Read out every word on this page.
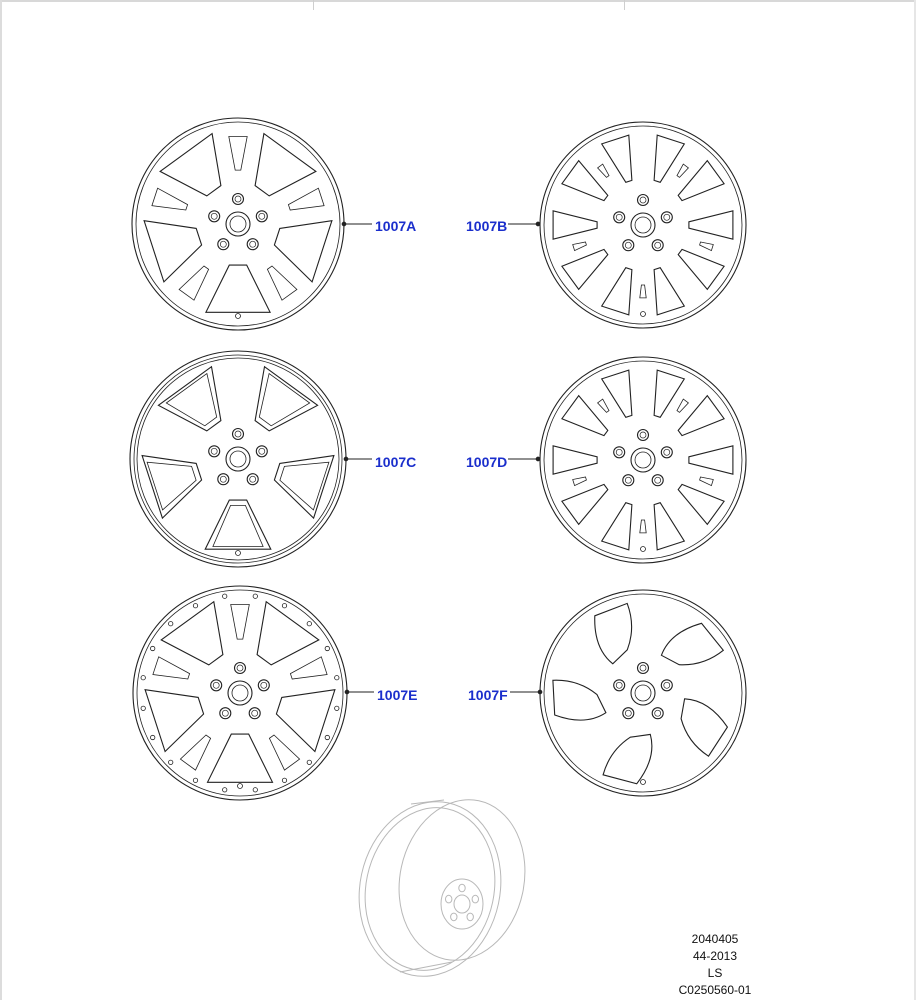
1007A	1007B
1007C	1007D
1007E	1007F
2040405
44-2013
LS
C0250560-01
